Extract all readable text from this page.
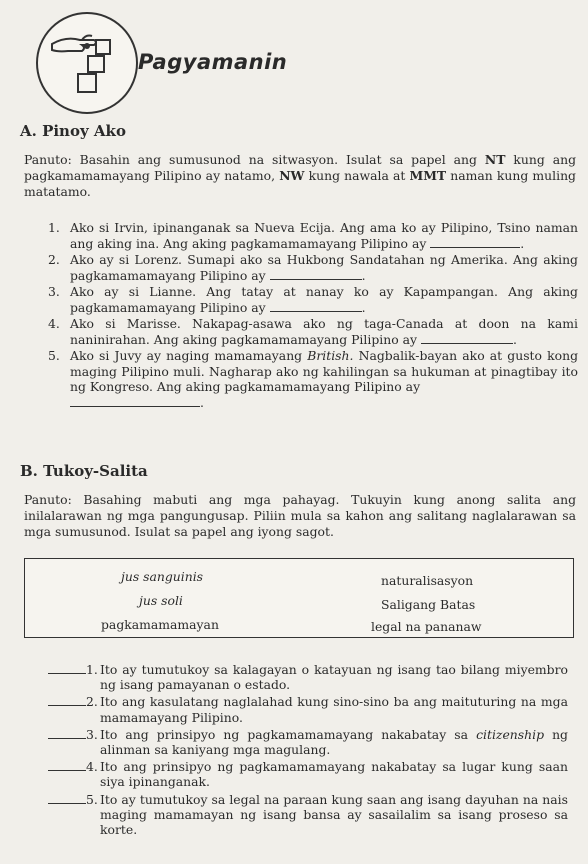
Pagyamanin
A. Pinoy Ako
Panuto: Basahin ang sumusunod na sitwasyon. Isulat sa papel ang NT kung ang pagkamamamayang Pilipino ay natamo, NW kung nawala at MMT naman kung muling matatamo.
1. Ako si Irvin, ipinanganak sa Nueva Ecija. Ang ama ko ay Pilipino, Tsino naman ang aking ina. Ang aking pagkamamamayang Pilipino ay	.
2. Ako ay si Lorenz. Sumapi ako sa Hukbong Sandatahan ng Amerika. Ang aking pagkamamamayang Pilipino ay	.
3. Ako ay si Lianne. Ang tatay at nanay ko ay Kapampangan. Ang aking pagkamamamayang Pilipino ay	.
4. Ako si Marisse. Nakapag-asawa ako ng taga-Canada at doon na kami naninirahan. Ang aking pagkamamamayang Pilipino ay	.
5. Ako si Juvy ay naging mamamayang British. Nagbalik-bayan ako at gusto kong maging Pilipino muli. Nagharap ako ng kahilingan sa hukuman at pinagtibay ito ng Kongreso. Ang aking pagkamamamayang Pilipino ay
.
B. Tukoy-Salita
Panuto: Basahing mabuti ang mga pahayag. Tukuyin kung anong salita ang inilalarawan ng mga pangungusap. Piliin mula sa kahon ang salitang naglalarawan sa mga sumusunod. Isulat sa papel ang iyong sagot.
jus sanguinis
jus soli
pagkamamamayan
naturalisasyon
Saligang Batas
legal na pananaw
1. Ito ay tumutukoy sa kalagayan o katayuan ng isang tao bilang miyembro ng isang pamayanan o estado.
2. Ito ang kasulatang naglalahad kung sino-sino ba ang maituturing na mga mamamayang Pilipino.
3. Ito ang prinsipyo ng pagkamamamayang nakabatay sa citizenship ng alinman sa kaniyang mga magulang.
4. Ito ang prinsipyo ng pagkamamamayang nakabatay sa lugar kung saan siya ipinanganak.
5. Ito ay tumutukoy sa legal na paraan kung saan ang isang dayuhan na nais maging mamamayan ng isang bansa ay sasailalim sa isang proseso sa korte.
